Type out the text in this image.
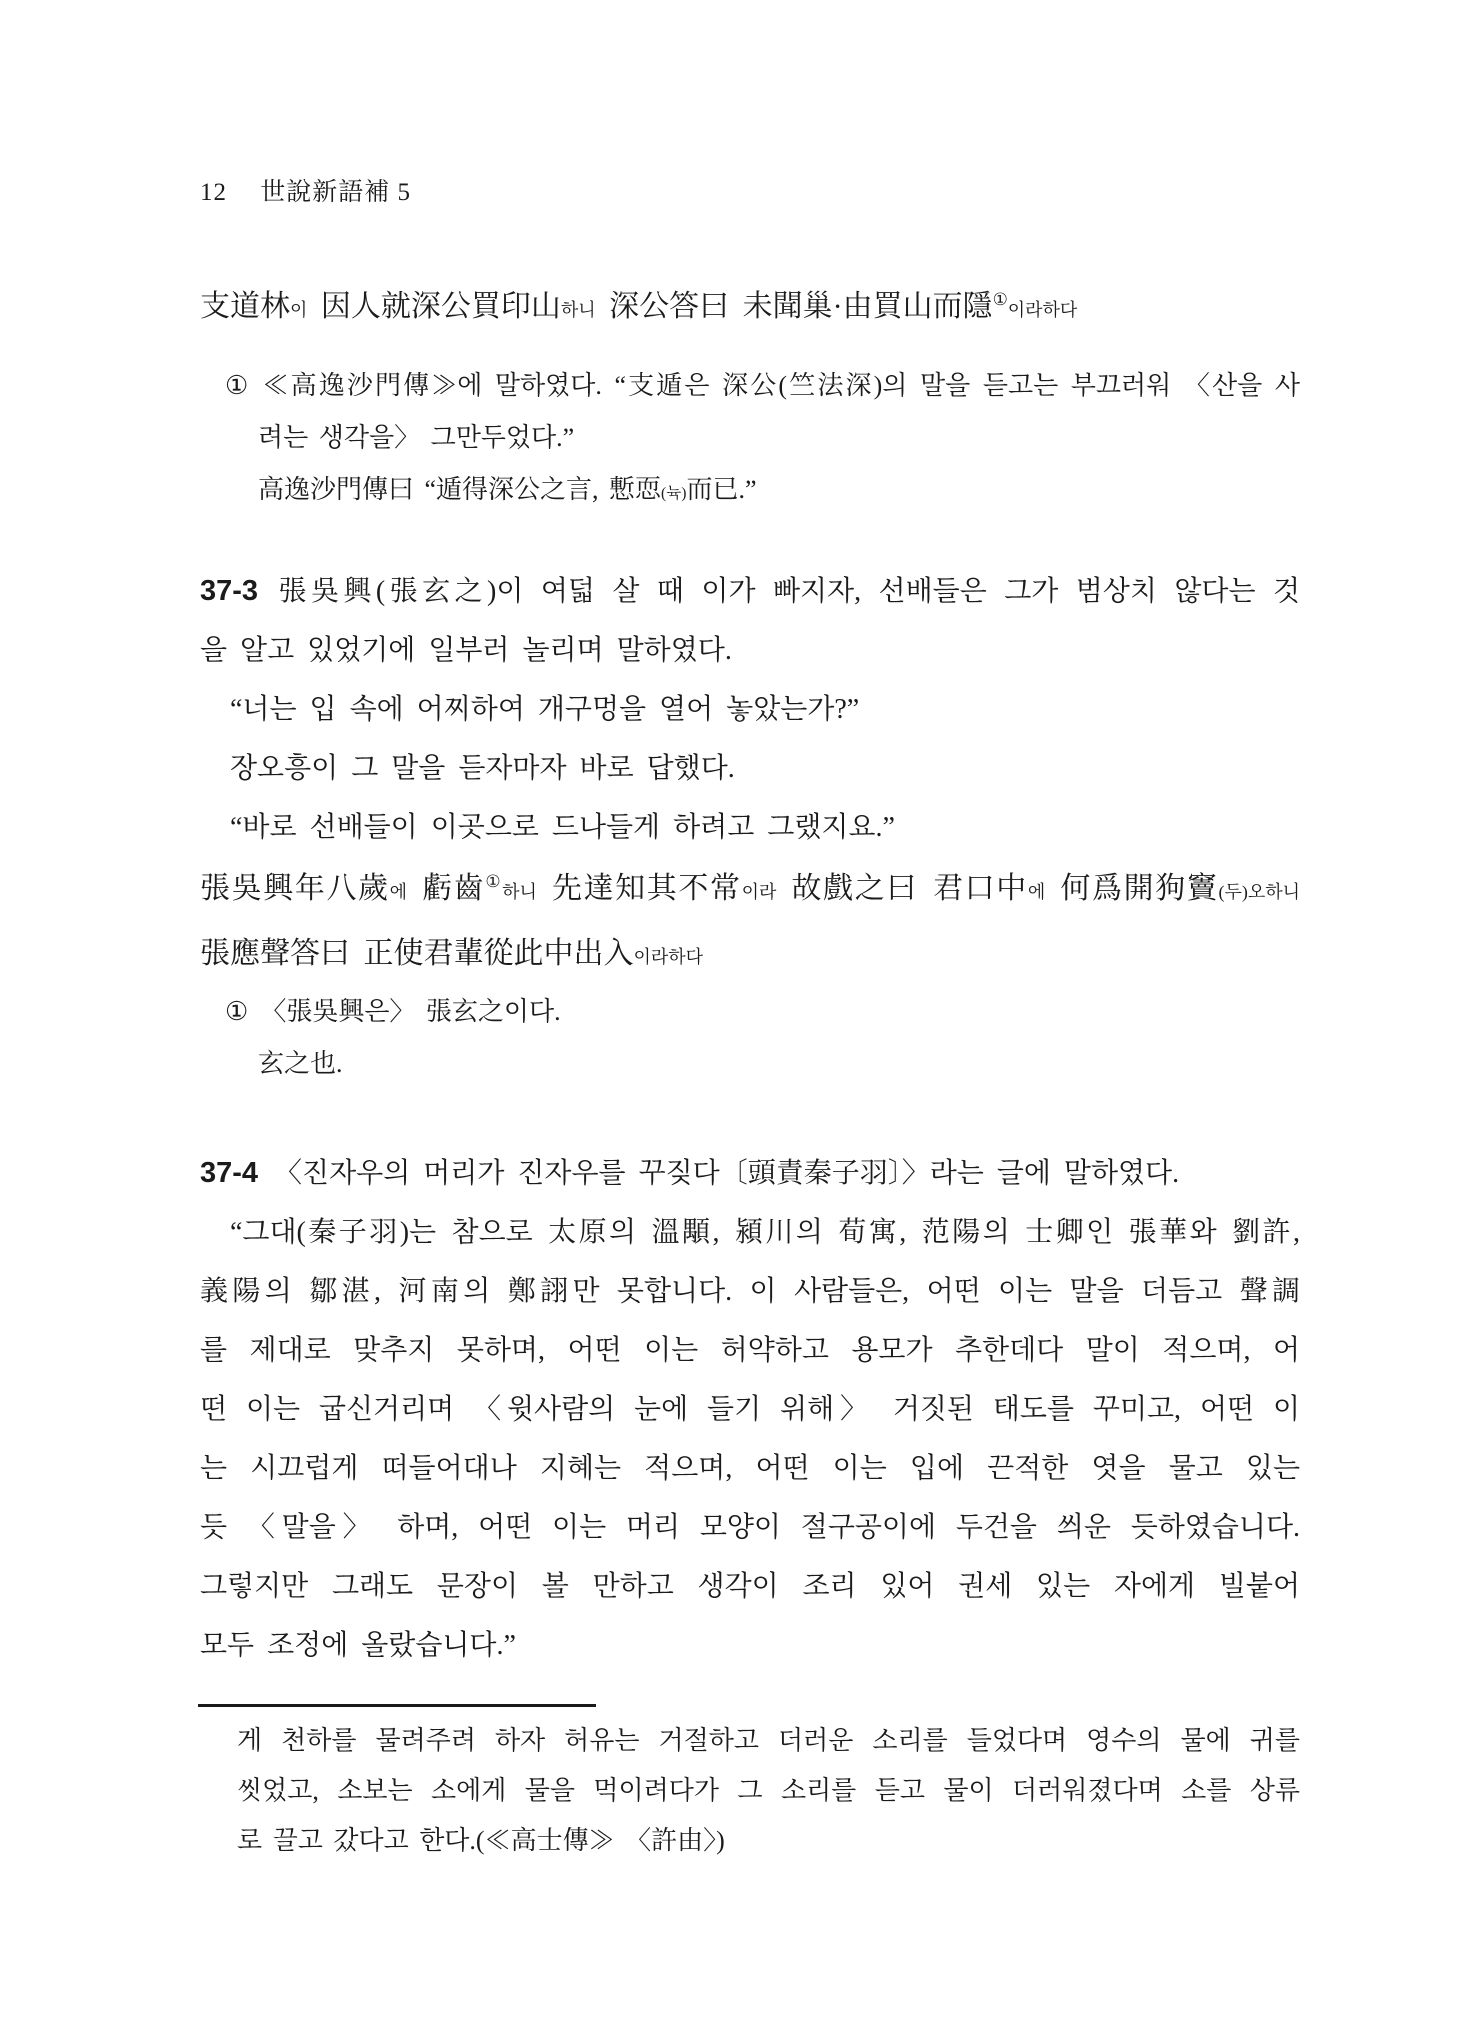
12 世說新語補 5
支道林이 因人就深公買印山하니 深公答曰 未聞巢·由買山而隱①이라하다
① ≪高逸沙門傳≫에 말하였다. “支遁은 深公(竺法深)의 말을 듣고는 부끄러워 〈산을 사
려는 생각을〉 그만두었다.”
高逸沙門傳曰 “遁得深公之言, 慙恧(뉵)而已.”
37-3 張吳興(張玄之)이 여덟 살 때 이가 빠지자, 선배들은 그가 범상치 않다는 것
을 알고 있었기에 일부러 놀리며 말하였다.
“너는 입 속에 어찌하여 개구멍을 열어 놓았는가?”
장오흥이 그 말을 듣자마자 바로 답했다.
“바로 선배들이 이곳으로 드나들게 하려고 그랬지요.”
張吳興年八歲에 虧齒①하니 先達知其不常이라 故戲之曰 君口中에 何爲開狗竇(두)오하니
張應聲答曰 正使君輩從此中出入이라하다
① 〈張吳興은〉 張玄之이다.
玄之也.
37-4 〈진자우의 머리가 진자우를 꾸짖다〔頭責秦子羽〕〉라는 글에 말하였다.
“그대(秦子羽)는 참으로 太原의 溫顒, 潁川의 荀寓, 范陽의 士卿인 張華와 劉許,
義陽의 鄒湛, 河南의 鄭詡만 못합니다. 이 사람들은, 어떤 이는 말을 더듬고 聲調
를 제대로 맞추지 못하며, 어떤 이는 허약하고 용모가 추한데다 말이 적으며, 어
떤 이는 굽신거리며 〈윗사람의 눈에 들기 위해〉 거짓된 태도를 꾸미고, 어떤 이
는 시끄럽게 떠들어대나 지혜는 적으며, 어떤 이는 입에 끈적한 엿을 물고 있는
듯 〈말을〉 하며, 어떤 이는 머리 모양이 절구공이에 두건을 씌운 듯하였습니다.
그렇지만 그래도 문장이 볼 만하고 생각이 조리 있어 권세 있는 자에게 빌붙어
모두 조정에 올랐습니다.”
게 천하를 물려주려 하자 허유는 거절하고 더러운 소리를 들었다며 영수의 물에 귀를
씻었고, 소보는 소에게 물을 먹이려다가 그 소리를 듣고 물이 더러워졌다며 소를 상류
로 끌고 갔다고 한다.(≪高士傳≫ 〈許由〉)
